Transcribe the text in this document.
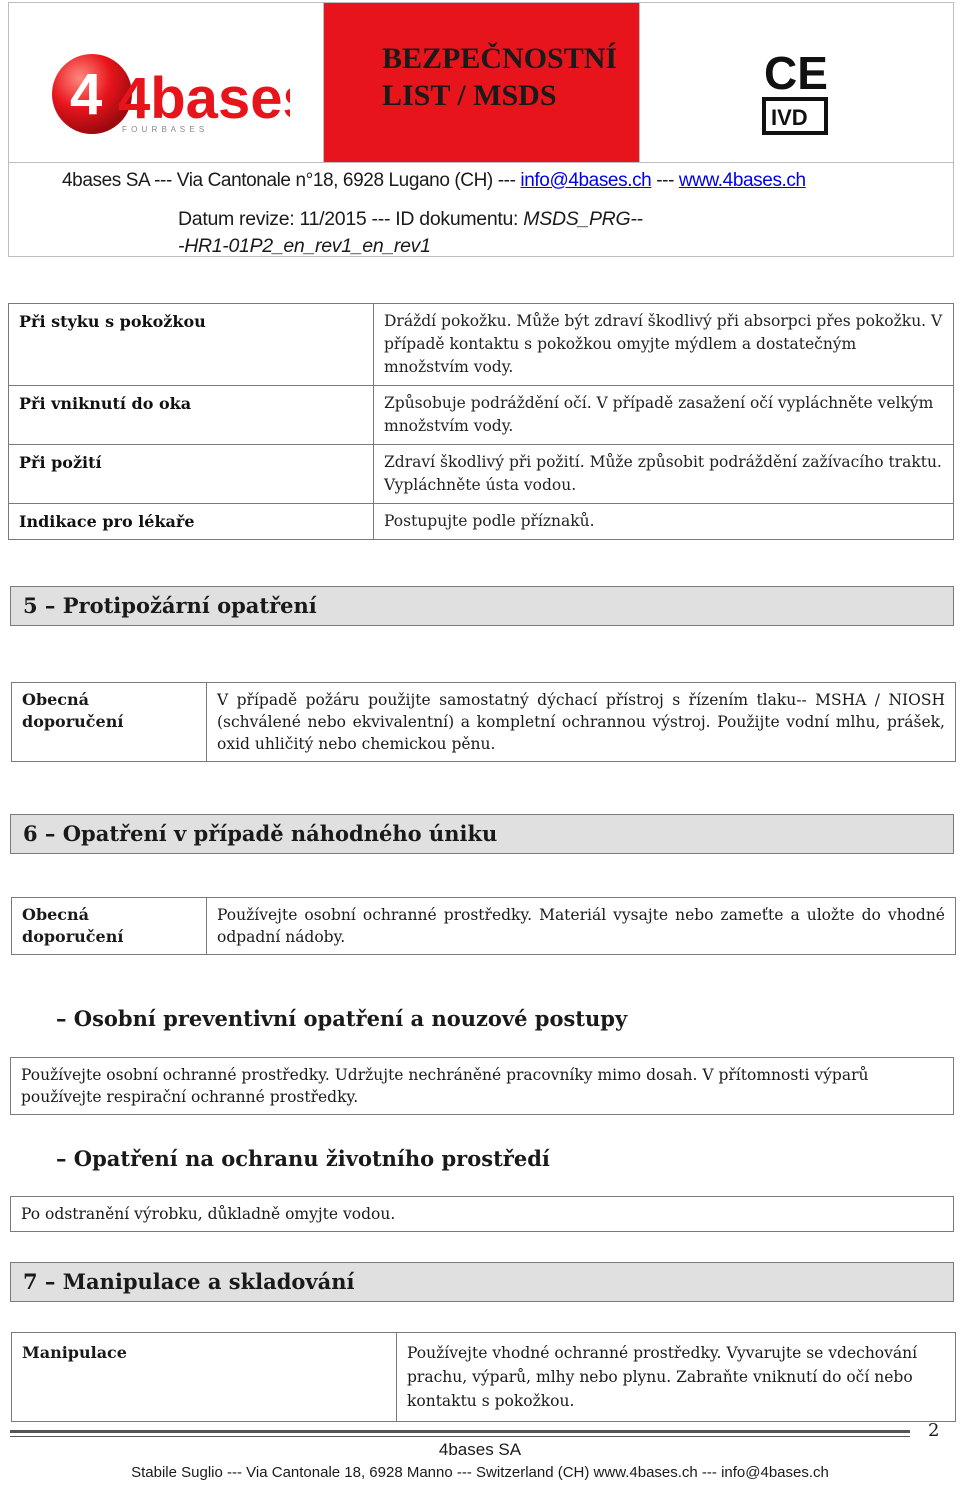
4 4base
F O U R B A S E S
BEZPEČNOSTNÍ
LIST / MSDS	CE
IVD
4bases SA --- Via Cantonale n°18, 6928 Lugano (CH) --- info@4bases.ch --- www.4bases.ch
Datum revize: 11/2015 --- ID dokumentu: MSDS_PRG--
-HR1-01P2_en_rev1_en_rev1
Při styku s pokožkou	Dráždí pokožku. Může být zdraví škodlivý při absorpci přes pokožku. V případě kontaktu s pokožkou omyjte mýdlem a dostatečným množstvím vody.
Při vniknutí do oka	Způsobuje podráždění očí. V případě zasažení očí vypláchněte velkým množstvím vody.
Při požití	Zdraví škodlivý při požití. Může způsobit podráždění zažívacího traktu. Vypláchněte ústa vodou.
Indikace pro lékaře	Postupujte podle příznaků.
5 – Protipožární opatření
Obecná doporučení	V případě požáru použijte samostatný dýchací přístroj s řízením tlaku-- MSHA / NIOSH (schválené nebo ekvivalentní) a kompletní ochrannou výstroj. Použijte vodní mlhu, prášek, oxid uhličitý nebo chemickou pěnu.
6 – Opatření v případě náhodného úniku
Obecná doporučení	Používejte osobní ochranné prostředky. Materiál vysajte nebo zameťte a uložte do vhodné odpadní nádoby.
– Osobní preventivní opatření a nouzové postupy
Používejte osobní ochranné prostředky. Udržujte nechráněné pracovníky mimo dosah. V přítomnosti výparů používejte respirační ochranné prostředky.
– Opatření na ochranu životního prostředí
Po odstranění výrobku, důkladně omyjte vodou.
7 – Manipulace a skladování
Manipulace	Používejte vhodné ochranné prostředky. Vyvarujte se vdechování prachu, výparů, mlhy nebo plynu. Zabraňte vniknutí do očí nebo kontaktu s pokožkou.
2
4bases SA
Stabile Suglio --- Via Cantonale 18, 6928 Manno --- Switzerland (CH) www.4bases.ch --- info@4bases.ch
